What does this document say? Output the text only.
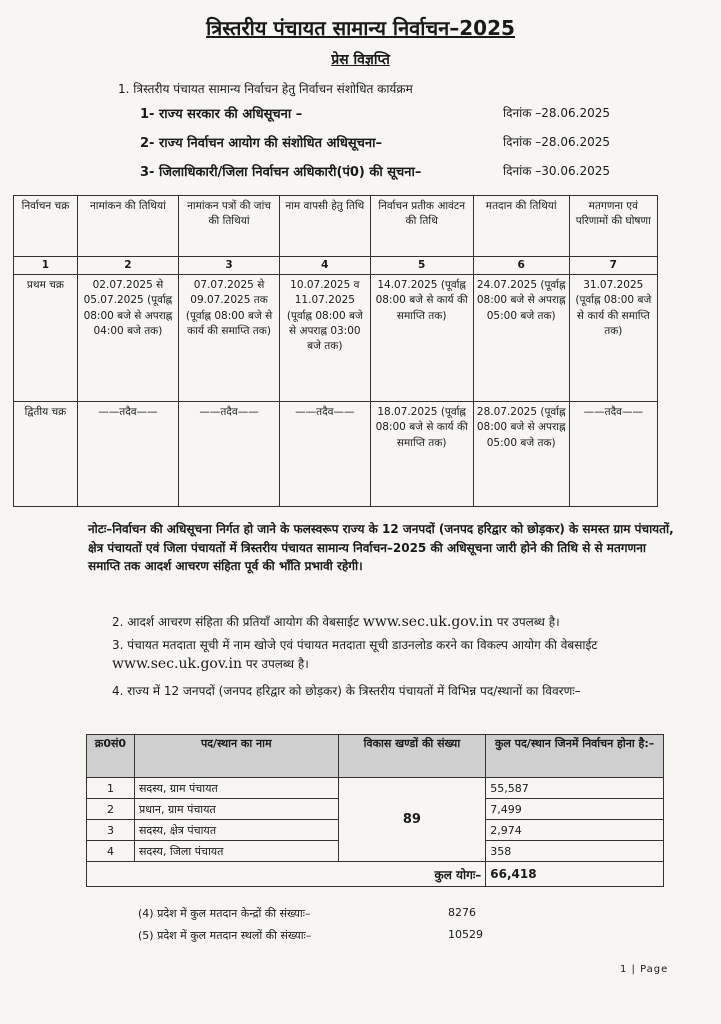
त्रिस्तरीय पंचायत सामान्य निर्वाचन–2025
प्रेस विज्ञप्ति
1. त्रिस्तरीय पंचायत सामान्य निर्वाचन हेतु निर्वाचन संशोधित कार्यक्रम
1- राज्य सरकार की अधिसूचना –	दिनांक –28.06.2025
2- राज्य निर्वाचन आयोग की संशोधित अधिसूचना–	दिनांक –28.06.2025
3- जिलाधिकारी/जिला निर्वाचन अधिकारी(पं0) की सूचना–	दिनांक –30.06.2025
निर्वाचन चक्र	नामांकन की तिथियां	नामांकन पत्रों की जांच की तिथियां	नाम वापसी हेतु तिथि	निर्वाचन प्रतीक आवंटन की तिथि	मतदान की तिथियां	मतगणना एवं परिणामों की घोषणा
1	2	3	4	5	6	7
प्रथम चक्र	02.07.2025 से 05.07.2025 (पूर्वाह्न 08:00 बजे से अपराह्न 04:00 बजे तक)	07.07.2025 से 09.07.2025 तक (पूर्वाह्न 08:00 बजे से कार्य की समाप्ति तक)	10.07.2025 व 11.07.2025 (पूर्वाह्न 08:00 बजे से अपराह्न 03:00 बजे तक)	14.07.2025 (पूर्वाह्न 08:00 बजे से कार्य की समाप्ति तक)	24.07.2025 (पूर्वाह्न 08:00 बजे से अपराह्न 05:00 बजे तक)	31.07.2025 (पूर्वाह्न 08:00 बजे से कार्य की समाप्ति तक)
द्वितीय चक्र	——तदैव——	——तदैव——	——तदैव——	18.07.2025 (पूर्वाह्न 08:00 बजे से कार्य की समाप्ति तक)	28.07.2025 (पूर्वाह्न 08:00 बजे से अपराह्न 05:00 बजे तक)	——तदैव——
नोटः–निर्वाचन की अधिसूचना निर्गत हो जाने के फलस्वरूप राज्य के 12 जनपदों (जनपद हरिद्वार को छोड़कर) के समस्त ग्राम पंचायतों, क्षेत्र पंचायतों एवं जिला पंचायतों में त्रिस्तरीय पंचायत सामान्य निर्वाचन–2025 की अधिसूचना जारी होने की तिथि से से मतगणना समाप्ति तक आदर्श आचरण संहिता पूर्व की भाँति प्रभावी रहेगी।
2. आदर्श आचरण संहिता की प्रतियाँ आयोग की वेबसाईट www.sec.uk.gov.in पर उपलब्ध है।
3. पंचायत मतदाता सूची में नाम खोजे एवं पंचायत मतदाता सूची डाउनलोड करने का विकल्प आयोग की वेबसाईट www.sec.uk.gov.in पर उपलब्ध है।
4. राज्य में 12 जनपदों (जनपद हरिद्वार को छोड़कर) के त्रिस्तरीय पंचायतों में विभिन्न पद/स्थानों का विवरणः–
क्र0सं0	पद/स्थान का नाम	विकास खण्डों की संख्या	कुल पद/स्थान जिनमें निर्वाचन होना है:–
1	सदस्य, ग्राम पंचायत	89	55,587
2	प्रधान, ग्राम पंचायत		7,499
3	सदस्य, क्षेत्र पंचायत		2,974
4	सदस्य, जिला पंचायत		358
कुल योगः–			66,418
(4) प्रदेश में कुल मतदान केन्द्रों की संख्याः–	8276
(5) प्रदेश में कुल मतदान स्थलों की संख्याः–	10529
1 | Page
